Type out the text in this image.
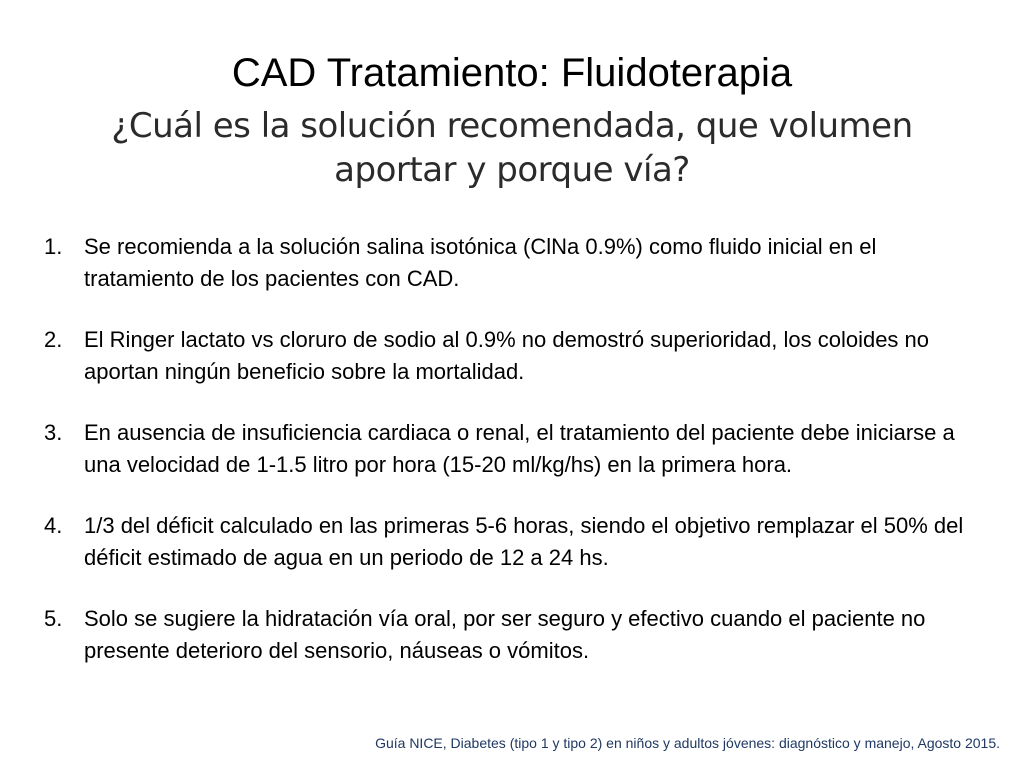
CAD Tratamiento: Fluidoterapia
¿Cuál es la solución recomendada, que volumen aportar y porque vía?
1. Se recomienda a la solución salina isotónica (ClNa 0.9%) como fluido inicial en el tratamiento de los pacientes con CAD.
2. El Ringer lactato vs cloruro de sodio al 0.9% no demostró superioridad, los coloides no aportan ningún beneficio sobre la mortalidad.
3. En ausencia de insuficiencia cardiaca o renal, el tratamiento del paciente debe iniciarse a una velocidad de 1-1.5 litro por hora (15-20 ml/kg/hs) en la primera hora.
4. 1/3 del déficit calculado en las primeras 5-6 horas, siendo el objetivo remplazar el 50% del déficit estimado de agua en un periodo de 12 a 24 hs.
5. Solo se sugiere la hidratación vía oral, por ser seguro y efectivo cuando el paciente no presente deterioro del sensorio, náuseas o vómitos.
Guía NICE, Diabetes (tipo 1 y tipo 2) en niños y adultos jóvenes: diagnóstico y manejo, Agosto 2015.
